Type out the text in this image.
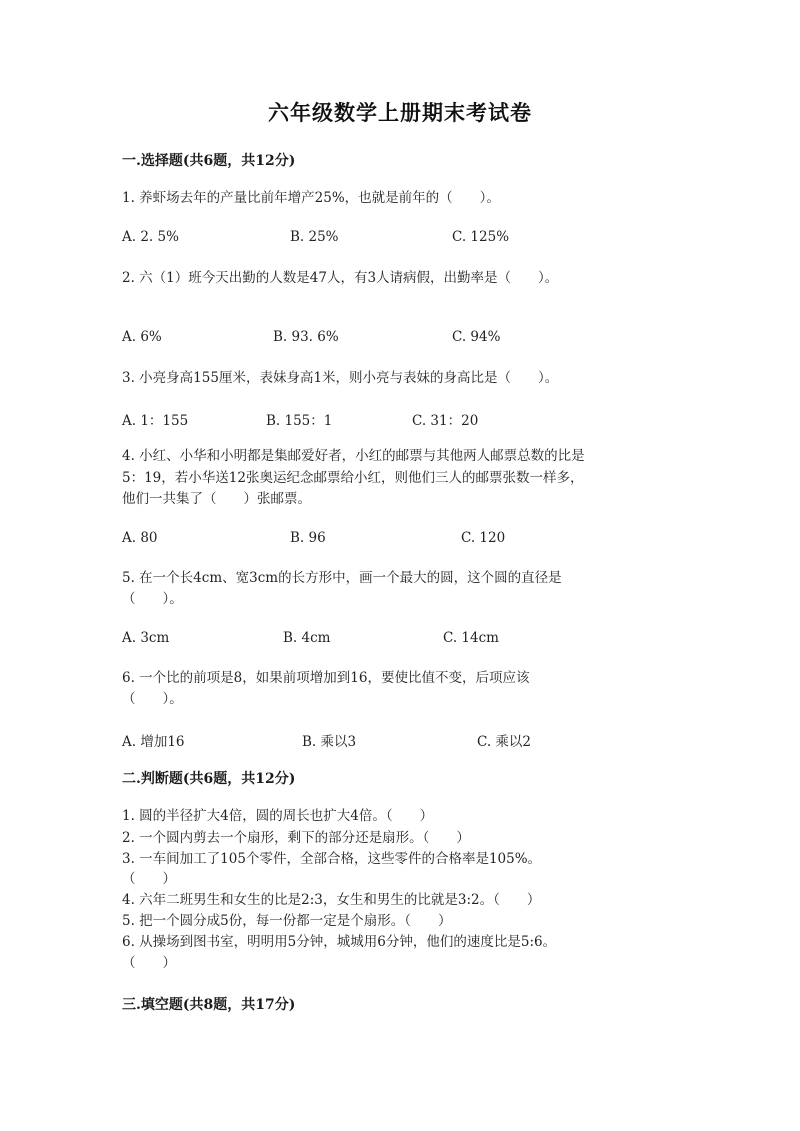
六年级数学上册期末考试卷
一.选择题(共6题，共12分)
1. 养虾场去年的产量比前年增产25%，也就是前年的（　　）。
A. 2. 5%	B. 25%	C. 125%
2. 六（1）班今天出勤的人数是47人，有3人请病假，出勤率是（　　）。
A. 6%	B. 93. 6%	C. 94%
3. 小亮身高155厘米，表妹身高1米，则小亮与表妹的身高比是（　　）。
A. 1：155	B. 155：1	C. 31：20
4. 小红、小华和小明都是集邮爱好者，小红的邮票与其他两人邮票总数的比是
5：19，若小华送12张奥运纪念邮票给小红，则他们三人的邮票张数一样多，
他们一共集了（　　）张邮票。
A. 80	B. 96	C. 120
5. 在一个长4cm、宽3cm的长方形中，画一个最大的圆，这个圆的直径是
（　　）。
A. 3cm	B. 4cm	C. 14cm
6. 一个比的前项是8，如果前项增加到16，要使比值不变，后项应该
（　　）。
A. 增加16	B. 乘以3	C. 乘以2
二.判断题(共6题，共12分)
1. 圆的半径扩大4倍，圆的周长也扩大4倍。（　　）
2. 一个圆内剪去一个扇形，剩下的部分还是扇形。（　　）
3. 一车间加工了105个零件，全部合格，这些零件的合格率是105%。
（　　）
4. 六年二班男生和女生的比是2:3，女生和男生的比就是3:2。（　　）
5. 把一个圆分成5份，每一份都一定是个扇形。（　　）
6. 从操场到图书室，明明用5分钟，城城用6分钟，他们的速度比是5:6。
（　　）
三.填空题(共8题，共17分)
